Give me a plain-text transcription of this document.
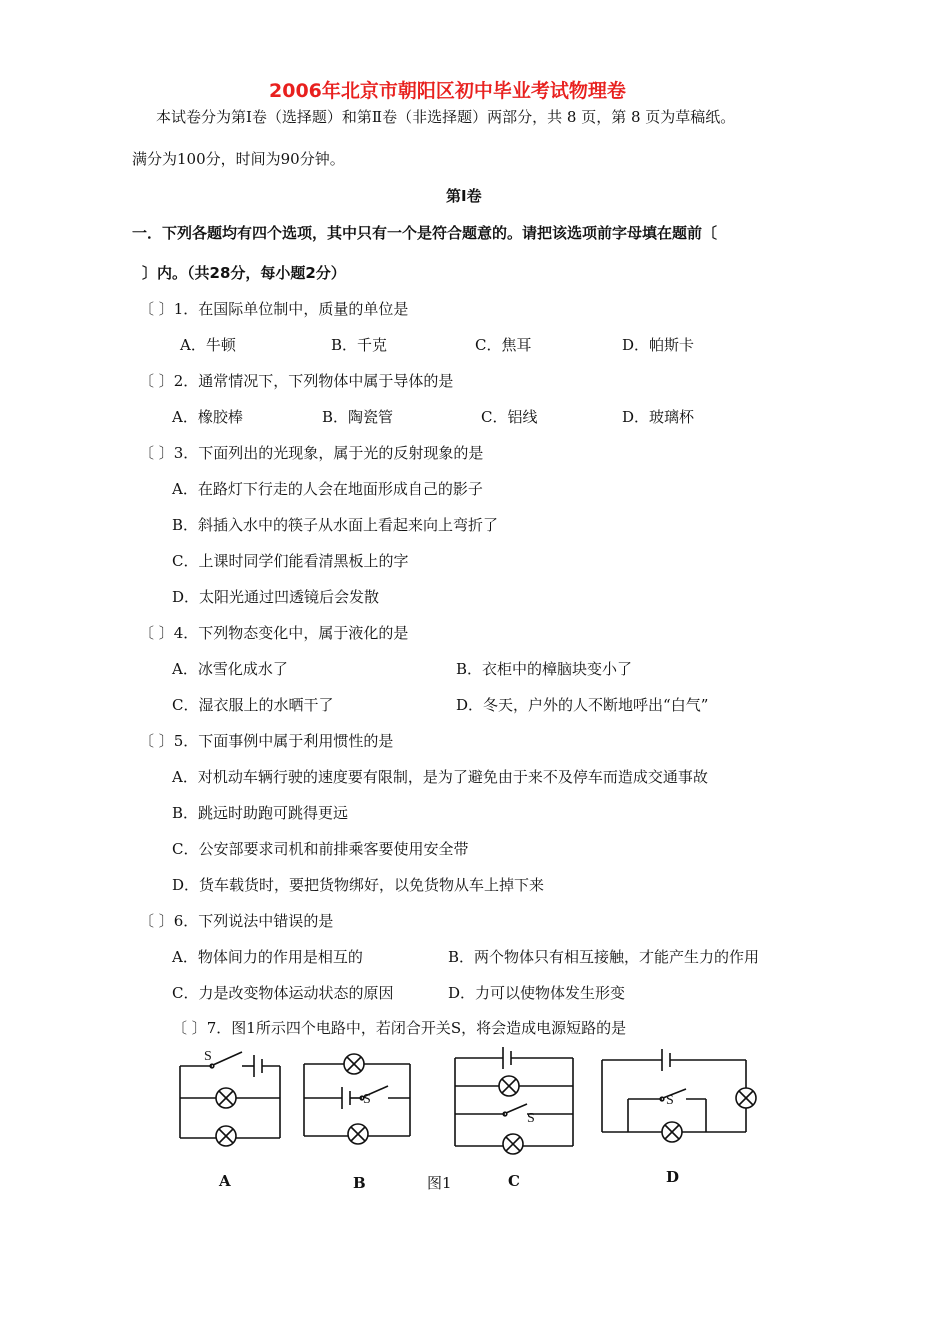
2006年北京市朝阳区初中毕业考试物理卷
本试卷分为第Ⅰ卷（选择题）和第Ⅱ卷（非选择题）两部分，共 8 页，第 8 页为草稿纸。
满分为100分，时间为90分钟。
第Ⅰ卷
一．下列各题均有四个选项，其中只有一个是符合题意的。请把该选项前字母填在题前〔
〕内。（共28分，每小题2分）
〔 〕1．在国际单位制中，质量的单位是
A．牛顿	B．千克	C．焦耳	D．帕斯卡
〔 〕2．通常情况下，下列物体中属于导体的是
A．橡胶棒	B．陶瓷管	C．铝线	D．玻璃杯
〔 〕3．下面列出的光现象，属于光的反射现象的是
A．在路灯下行走的人会在地面形成自己的影子
B．斜插入水中的筷子从水面上看起来向上弯折了
C．上课时同学们能看清黑板上的字
D．太阳光通过凹透镜后会发散
〔 〕4．下列物态变化中，属于液化的是
A．冰雪化成水了	B．衣柜中的樟脑块变小了
C．湿衣服上的水晒干了	D．冬天，户外的人不断地呼出“白气”
〔 〕5．下面事例中属于利用惯性的是
A．对机动车辆行驶的速度要有限制，是为了避免由于来不及停车而造成交通事故
B．跳远时助跑可跳得更远
C．公安部要求司机和前排乘客要使用安全带
D．货车载货时，要把货物绑好，以免货物从车上掉下来
〔 〕6．下列说法中错误的是
A．物体间力的作用是相互的	B．两个物体只有相互接触，才能产生力的作用
C．力是改变物体运动状态的原因	D．力可以使物体发生形变
〔 〕7．图1所示四个电路中，若闭合开关S，将会造成电源短路的是
S
S
S
S
A	B	图1	C	D
